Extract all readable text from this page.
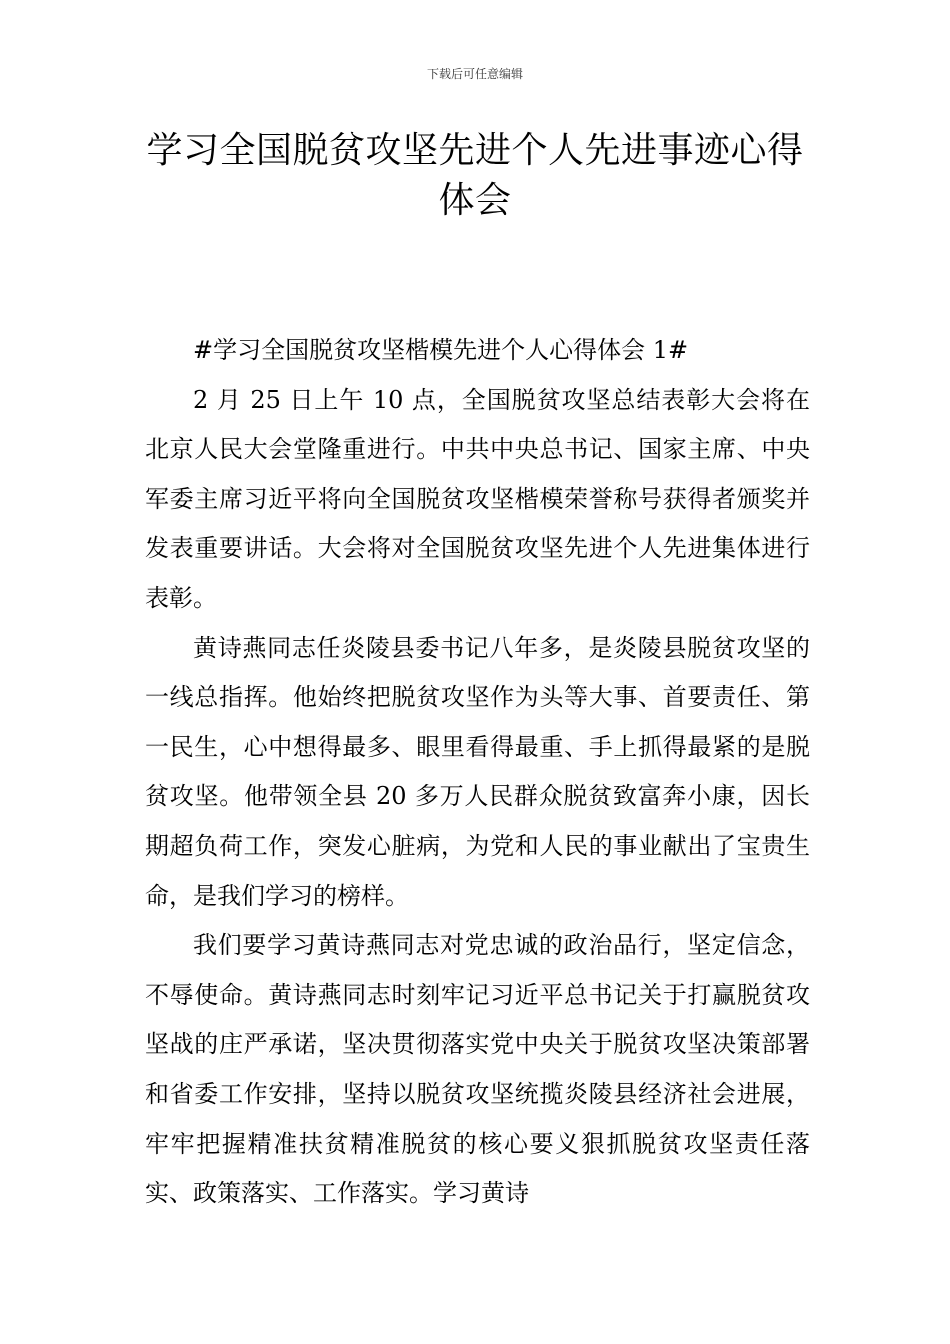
下载后可任意编辑
学习全国脱贫攻坚先进个人先进事迹心得
体会

#学习全国脱贫攻坚楷模先进个人心得体会 1#

2 月 25 日上午 10 点，全国脱贫攻坚总结表彰大会将在北京人民大会堂隆重进行。中共中央总书记、国家主席、中央军委主席习近平将向全国脱贫攻坚楷模荣誉称号获得者颁奖并发表重要讲话。大会将对全国脱贫攻坚先进个人先进集体进行表彰。

黄诗燕同志任炎陵县委书记八年多，是炎陵县脱贫攻坚的一线总指挥。他始终把脱贫攻坚作为头等大事、首要责任、第一民生，心中想得最多、眼里看得最重、手上抓得最紧的是脱贫攻坚。他带领全县 20 多万人民群众脱贫致富奔小康，因长期超负荷工作，突发心脏病，为党和人民的事业献出了宝贵生命，是我们学习的榜样。

我们要学习黄诗燕同志对党忠诚的政治品行，坚定信念，不辱使命。黄诗燕同志时刻牢记习近平总书记关于打赢脱贫攻坚战的庄严承诺，坚决贯彻落实党中央关于脱贫攻坚决策部署和省委工作安排，坚持以脱贫攻坚统揽炎陵县经济社会进展，牢牢把握精准扶贫精准脱贫的核心要义狠抓脱贫攻坚责任落实、政策落实、工作落实。学习黄诗
